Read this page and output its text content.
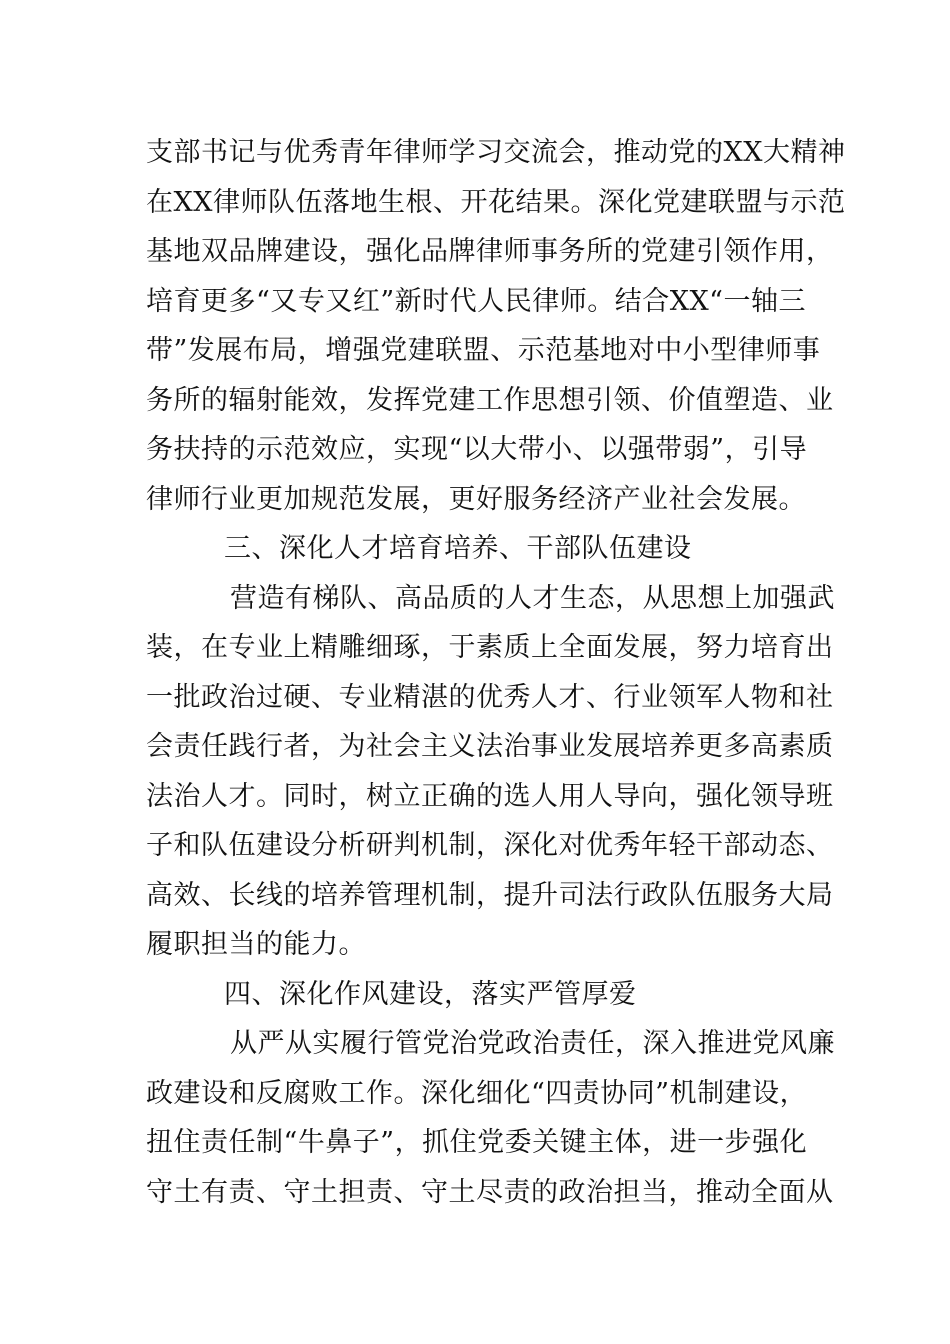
支部书记与优秀青年律师学习交流会，推动党的XX大精神
在XX律师队伍落地生根、开花结果。深化党建联盟与示范
基地双品牌建设，强化品牌律师事务所的党建引领作用，
培育更多“又专又红”新时代人民律师。结合XX“一轴三
带”发展布局，增强党建联盟、示范基地对中小型律师事
务所的辐射能效，发挥党建工作思想引领、价值塑造、业
务扶持的示范效应，实现“以大带小、以强带弱”，引导
律师行业更加规范发展，更好服务经济产业社会发展。
三、深化人才培育培养、干部队伍建设
营造有梯队、高品质的人才生态，从思想上加强武
装，在专业上精雕细琢，于素质上全面发展，努力培育出
一批政治过硬、专业精湛的优秀人才、行业领军人物和社
会责任践行者，为社会主义法治事业发展培养更多高素质
法治人才。同时，树立正确的选人用人导向，强化领导班
子和队伍建设分析研判机制，深化对优秀年轻干部动态、
高效、长线的培养管理机制，提升司法行政队伍服务大局
履职担当的能力。
四、深化作风建设，落实严管厚爱
从严从实履行管党治党政治责任，深入推进党风廉
政建设和反腐败工作。深化细化“四责协同”机制建设，
扭住责任制“牛鼻子”，抓住党委关键主体，进一步强化
守土有责、守土担责、守土尽责的政治担当，推动全面从
